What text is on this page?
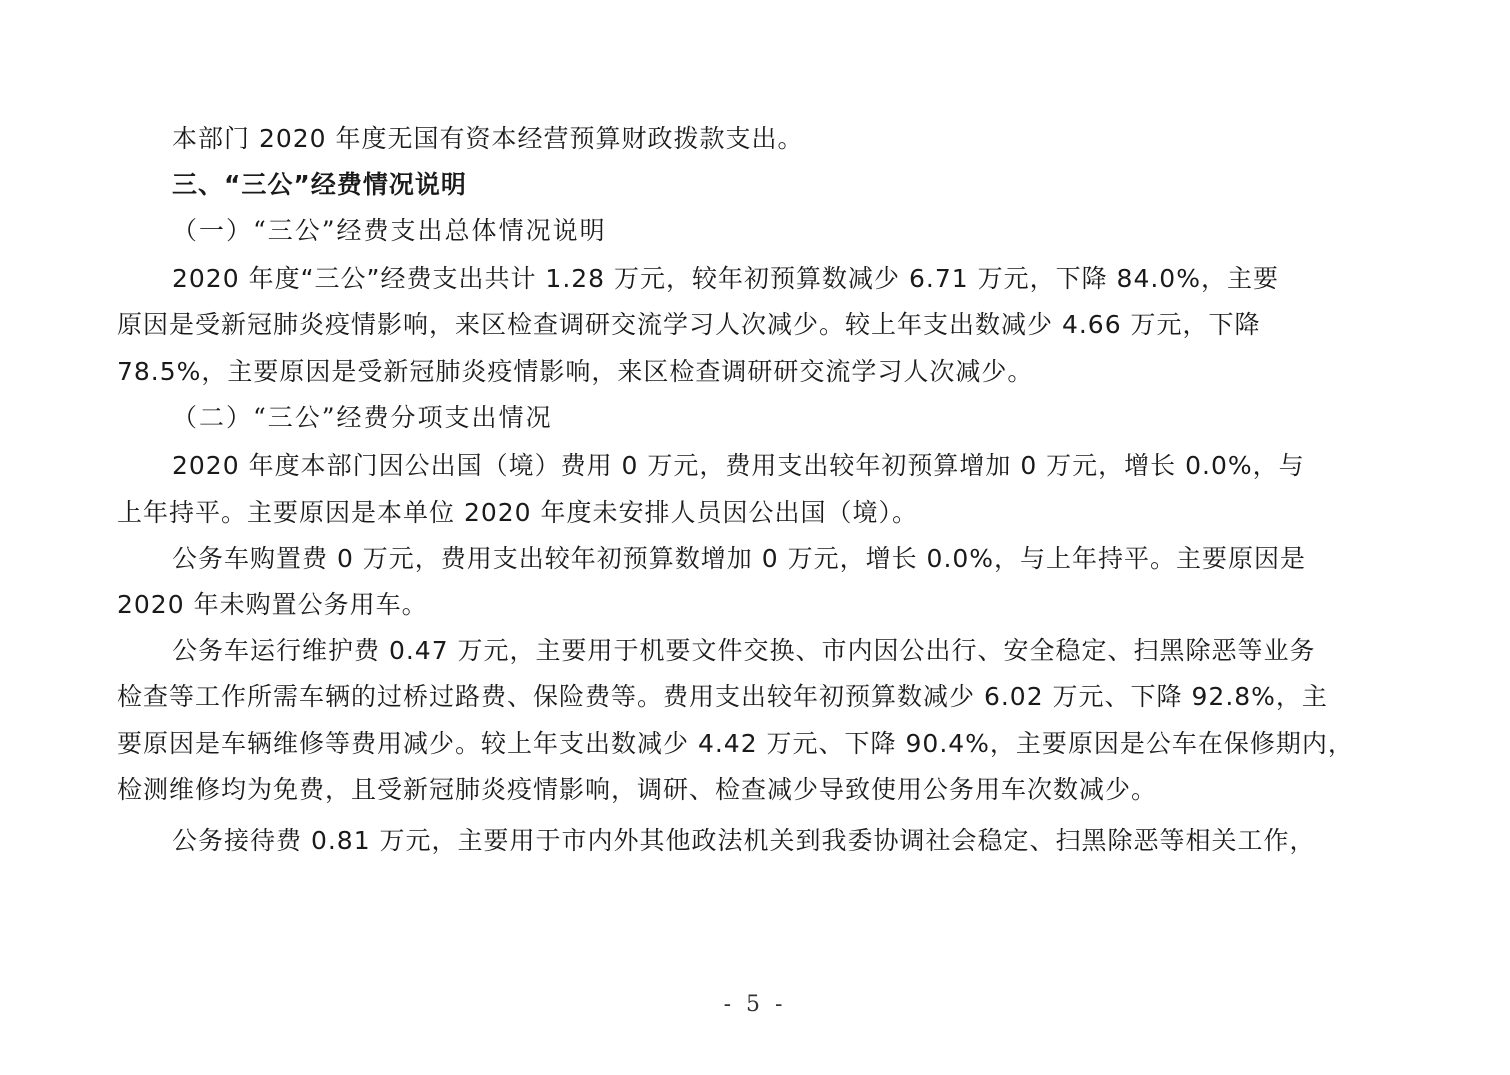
本部门 2020 年度无国有资本经营预算财政拨款支出。
三、“三公”经费情况说明
（一）“三公”经费支出总体情况说明
2020 年度“三公”经费支出共计 1.28 万元，较年初预算数减少 6.71 万元，下降 84.0%，主要
原因是受新冠肺炎疫情影响，来区检查调研交流学习人次减少。较上年支出数减少 4.66 万元，下降
78.5%，主要原因是受新冠肺炎疫情影响，来区检查调研研交流学习人次减少。
（二）“三公”经费分项支出情况
2020 年度本部门因公出国（境）费用 0 万元，费用支出较年初预算增加 0 万元，增长 0.0%，与
上年持平。主要原因是本单位 2020 年度未安排人员因公出国（境）。
公务车购置费 0 万元，费用支出较年初预算数增加 0 万元，增长 0.0%，与上年持平。主要原因是
2020 年未购置公务用车。
公务车运行维护费 0.47 万元，主要用于机要文件交换、市内因公出行、安全稳定、扫黑除恶等业务
检查等工作所需车辆的过桥过路费、保险费等。费用支出较年初预算数减少 6.02 万元、下降 92.8%，主
要原因是车辆维修等费用减少。较上年支出数减少 4.42 万元、下降 90.4%，主要原因是公车在保修期内，
检测维修均为免费，且受新冠肺炎疫情影响，调研、检查减少导致使用公务用车次数减少。
公务接待费 0.81 万元，主要用于市内外其他政法机关到我委协调社会稳定、扫黑除恶等相关工作，
- 5 -
